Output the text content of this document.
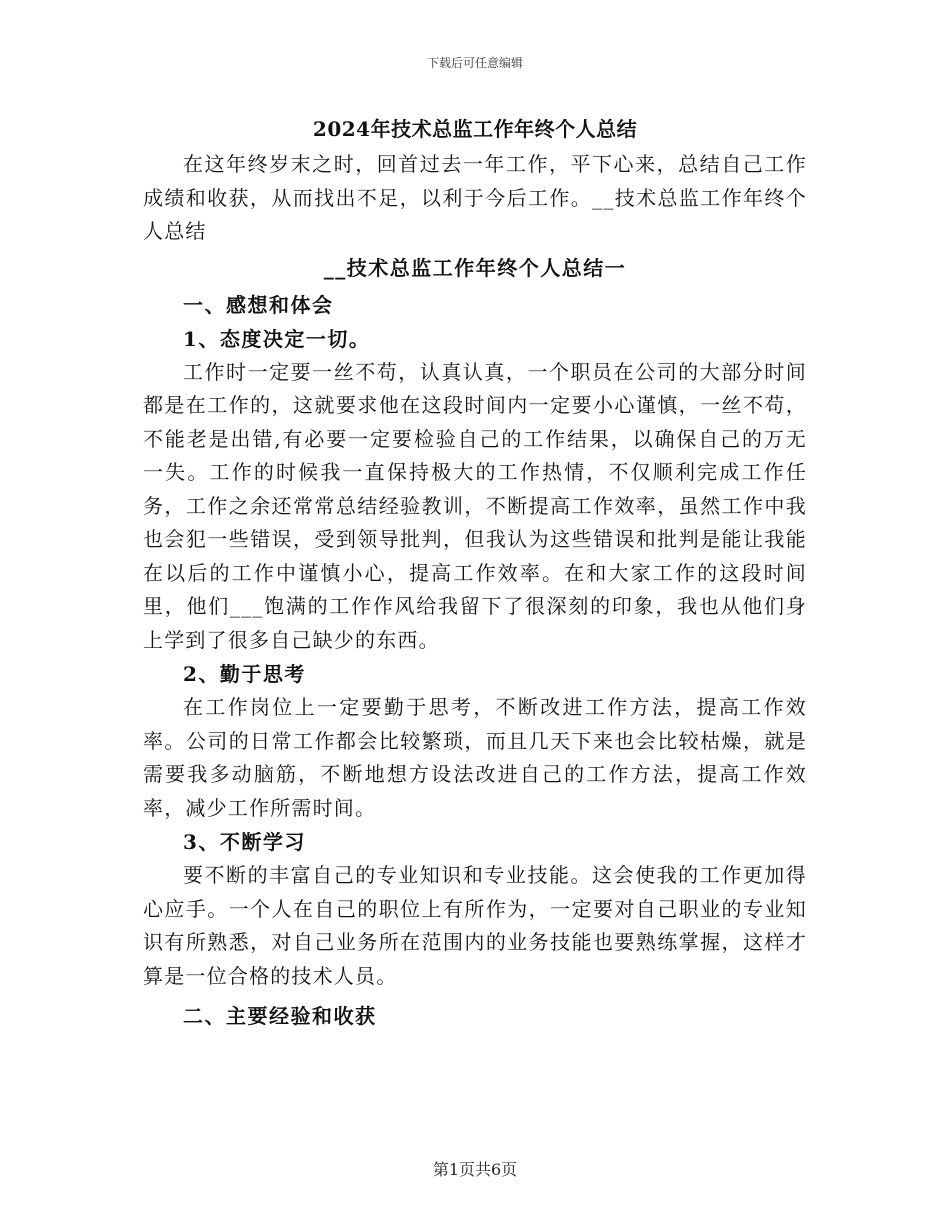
下载后可任意编辑
2024年技术总监工作年终个人总结

在这年终岁末之时，回首过去一年工作，平下心来，总结自己工作成绩和收获，从而找出不足，以利于今后工作。__技术总监工作年终个人总结

__技术总监工作年终个人总结一
一、感想和体会
1、态度决定一切。

工作时一定要一丝不苟，认真认真，一个职员在公司的大部分时间都是在工作的，这就要求他在这段时间内一定要小心谨慎，一丝不苟，不能老是出错,有必要一定要检验自己的工作结果，以确保自己的万无一失。工作的时候我一直保持极大的工作热情，不仅顺利完成工作任务，工作之余还常常总结经验教训，不断提高工作效率，虽然工作中我也会犯一些错误，受到领导批判，但我认为这些错误和批判是能让我能在以后的工作中谨慎小心，提高工作效率。在和大家工作的这段时间里，他们___饱满的工作作风给我留下了很深刻的印象，我也从他们身上学到了很多自己缺少的东西。

2、勤于思考

在工作岗位上一定要勤于思考，不断改进工作方法，提高工作效率。公司的日常工作都会比较繁琐，而且几天下来也会比较枯燥，就是需要我多动脑筋，不断地想方设法改进自己的工作方法，提高工作效率，减少工作所需时间。

3、不断学习

要不断的丰富自己的专业知识和专业技能。这会使我的工作更加得心应手。一个人在自己的职位上有所作为，一定要对自己职业的专业知识有所熟悉，对自己业务所在范围内的业务技能也要熟练掌握，这样才算是一位合格的技术人员。

二、主要经验和收获
第1页共6页
